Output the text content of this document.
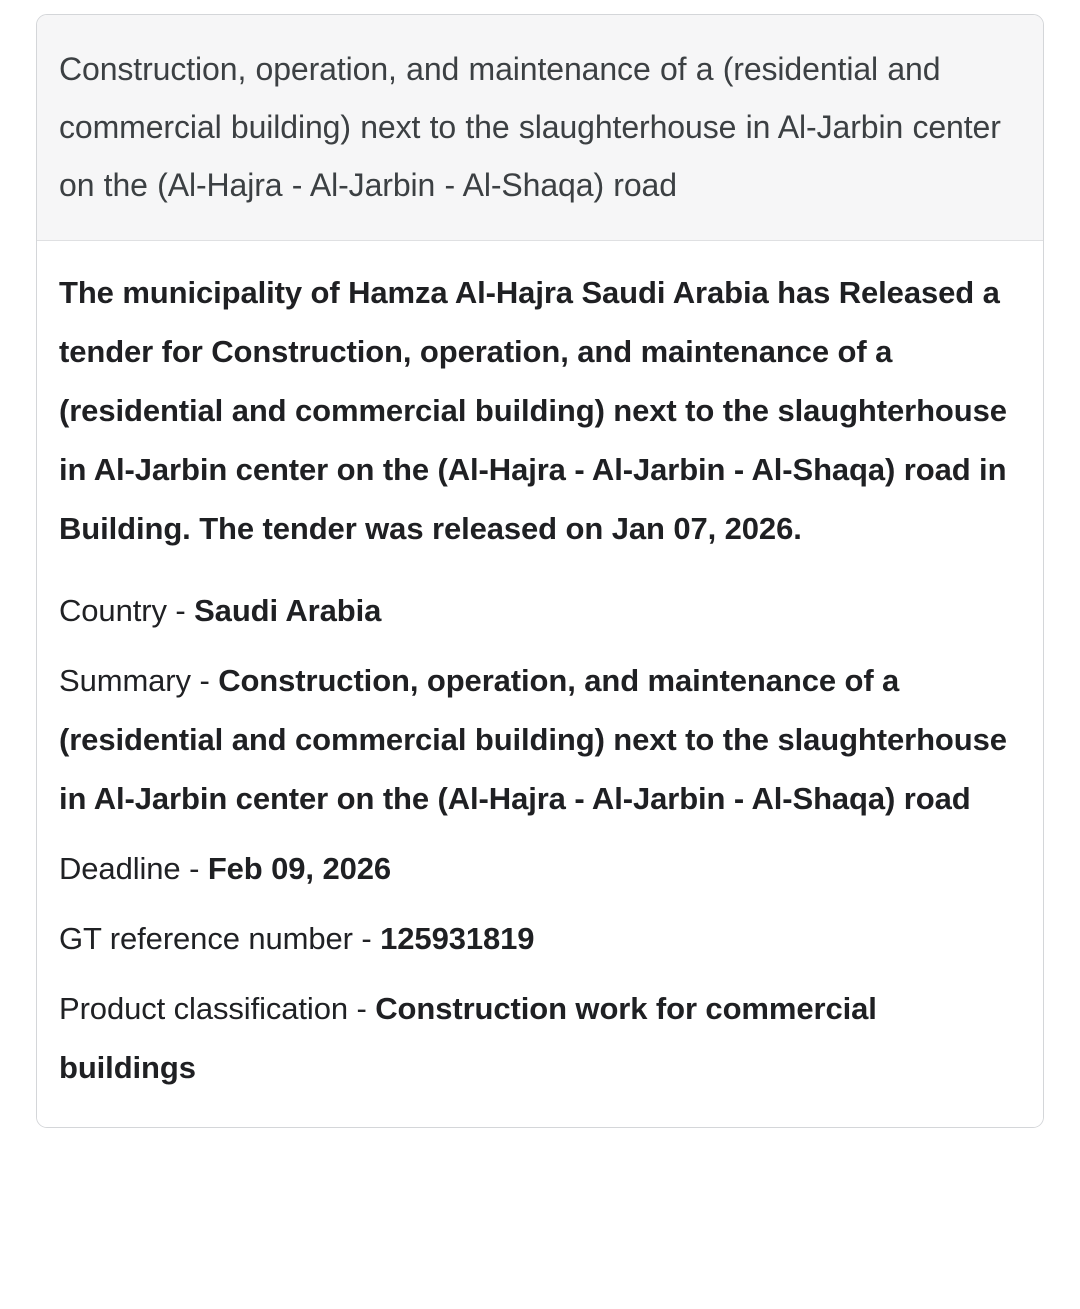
Construction, operation, and maintenance of a (residential and commercial building) next to the slaughterhouse in Al-Jarbin center on the (Al-Hajra - Al-Jarbin - Al-Shaqa) road

The municipality of Hamza Al-Hajra Saudi Arabia has Released a tender for Construction, operation, and maintenance of a (residential and commercial building) next to the slaughterhouse in Al-Jarbin center on the (Al-Hajra - Al-Jarbin - Al-Shaqa) road in Building. The tender was released on Jan 07, 2026.

Country - Saudi Arabia

Summary - Construction, operation, and maintenance of a (residential and commercial building) next to the slaughterhouse in Al-Jarbin center on the (Al-Hajra - Al-Jarbin - Al-Shaqa) road

Deadline - Feb 09, 2026

GT reference number - 125931819

Product classification - Construction work for commercial buildings
